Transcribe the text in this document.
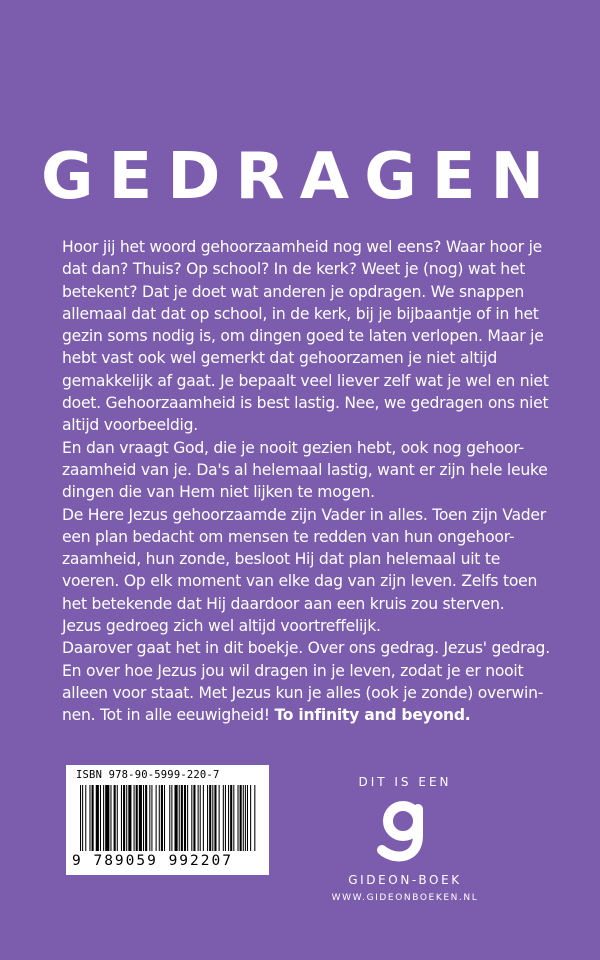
GEDRAGEN

Hoor jij het woord gehoorzaamheid nog wel eens? Waar hoor je

dat dan? Thuis? Op school? In de kerk? Weet je (nog) wat het

betekent? Dat je doet wat anderen je opdragen. We snappen

allemaal dat dat op school, in de kerk, bij je bijbaantje of in het

gezin soms nodig is, om dingen goed te laten verlopen. Maar je

hebt vast ook wel gemerkt dat gehoorzamen je niet altijd

gemakkelijk af gaat. Je bepaalt veel liever zelf wat je wel en niet

doet. Gehoorzaamheid is best lastig. Nee, we gedragen ons niet

altijd voorbeeldig.

En dan vraagt God, die je nooit gezien hebt, ook nog gehoor-

zaamheid van je. Da's al helemaal lastig, want er zijn hele leuke

dingen die van Hem niet lijken te mogen.

De Here Jezus gehoorzaamde zijn Vader in alles. Toen zijn Vader

een plan bedacht om mensen te redden van hun ongehoor-

zaamheid, hun zonde, besloot Hij dat plan helemaal uit te

voeren. Op elk moment van elke dag van zijn leven. Zelfs toen

het betekende dat Hij daardoor aan een kruis zou sterven.

Jezus gedroeg zich wel altijd voortreffelijk.

Daarover gaat het in dit boekje. Over ons gedrag. Jezus' gedrag.

En over hoe Jezus jou wil dragen in je leven, zodat je er nooit

alleen voor staat. Met Jezus kun je alles (ook je zonde) overwin-

nen. Tot in alle eeuwigheid! To infinity and beyond.

ISBN 978-90-5999-220-7
9 789059 992207
DIT IS EEN
GIDEON-BOEK
WWW.GIDEONBOEKEN.NL
